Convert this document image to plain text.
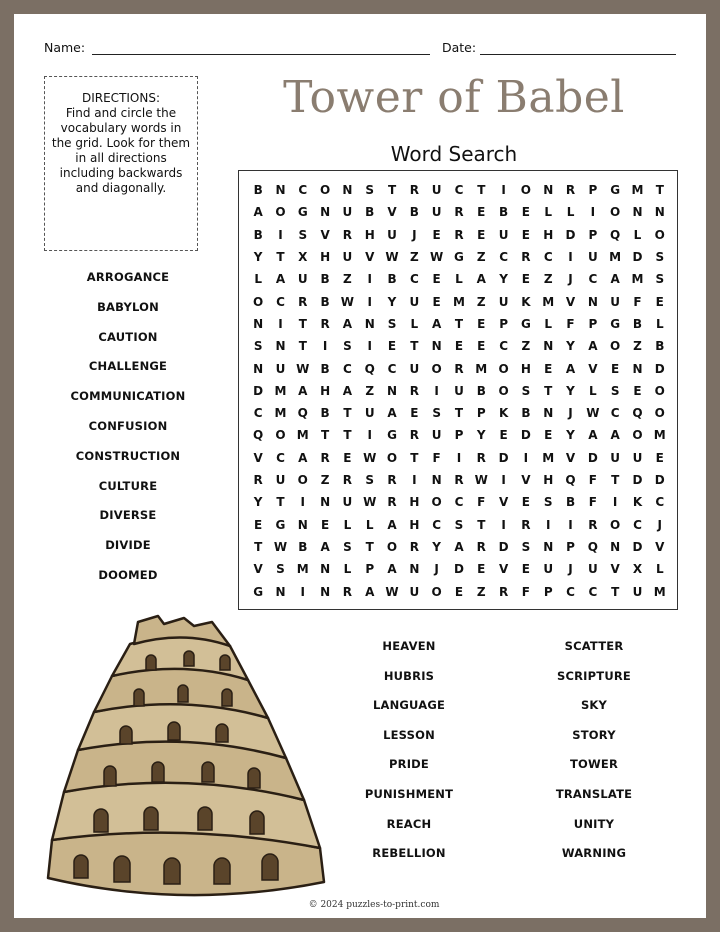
Name:	Date:
DIRECTIONS:
Find and circle the vocabulary words in the grid. Look for them in all directions including backwards and diagonally.
Tower of Babel
Word Search
B	N	C	O	N	S	T	R	U	C	T	I	O	N	R	P	G M	T
A	O	G	N	U	B	V	B	U	R	E	B	E	L	L	I	O	N	N
B	I	S	V	R	H	U	J	E	R	E	U	E	H	D	P	Q	L	O
Y	T	X	H	U	V W Z W G	Z	C	R	C	I	U M D	S
L	A	U	B	Z	I	B	C	E	L	A	Y	E	Z	J	C	A M	S
O	C	R	B W	I	Y	U	E	M Z	U	K M V	N	U	F	E
N	I	T	R	A	N	S	L	A	T	E	P	G	L	F	P	G	B	L
S	N	T	I	S	I	E	T	N	E	E	C	Z	N	Y	A	O	Z	B
N	U W B	C	Q	C	U	O	R M O	H	E	A	V	E	N	D
D M A	H	A	Z	N	R	I	U	B	O	S	T	Y	L	S	E	O
C M Q	B	T	U	A	E	S	T	P	K	B	N	J	W C	Q	O
Q	O M	T	T	I	G	R	U	P	Y	E	D	E	Y	A	A	O M
V	C	A	R	E W O	T	F	I	R	D	I	M V	D	U	U	E
R	U	O	Z	R	S	R	I	N	R W	I	V	H	Q	F	T	D	D
Y	T	I	N	U W R	H	O	C	F	V	E	S	B	F	I	K	C
E	G	N	E	L	L	A	H	C	S	T	I	R	I	I	R	O	C	J
T W B	A	S	T	O	R	Y	A	R	D	S	N	P	Q	N	D	V
V	S	M N	L	P	A	N	J	D	E	V	E	U	J	U	V	X	L
G	N	I	N	R	A W U	O	E	Z	R	F	P	C	C	T	U M
ARROGANCE
BABYLON
CAUTION
CHALLENGE
COMMUNICATION
CONFUSION
CONSTRUCTION
CULTURE
DIVERSE
DIVIDE
DOOMED
HEAVEN
HUBRIS
LANGUAGE
LESSON
PRIDE
PUNISHMENT
REACH
REBELLION
SCATTER
SCRIPTURE
SKY
STORY
TOWER
TRANSLATE
UNITY
WARNING
© 2024 puzzles-to-print.com
